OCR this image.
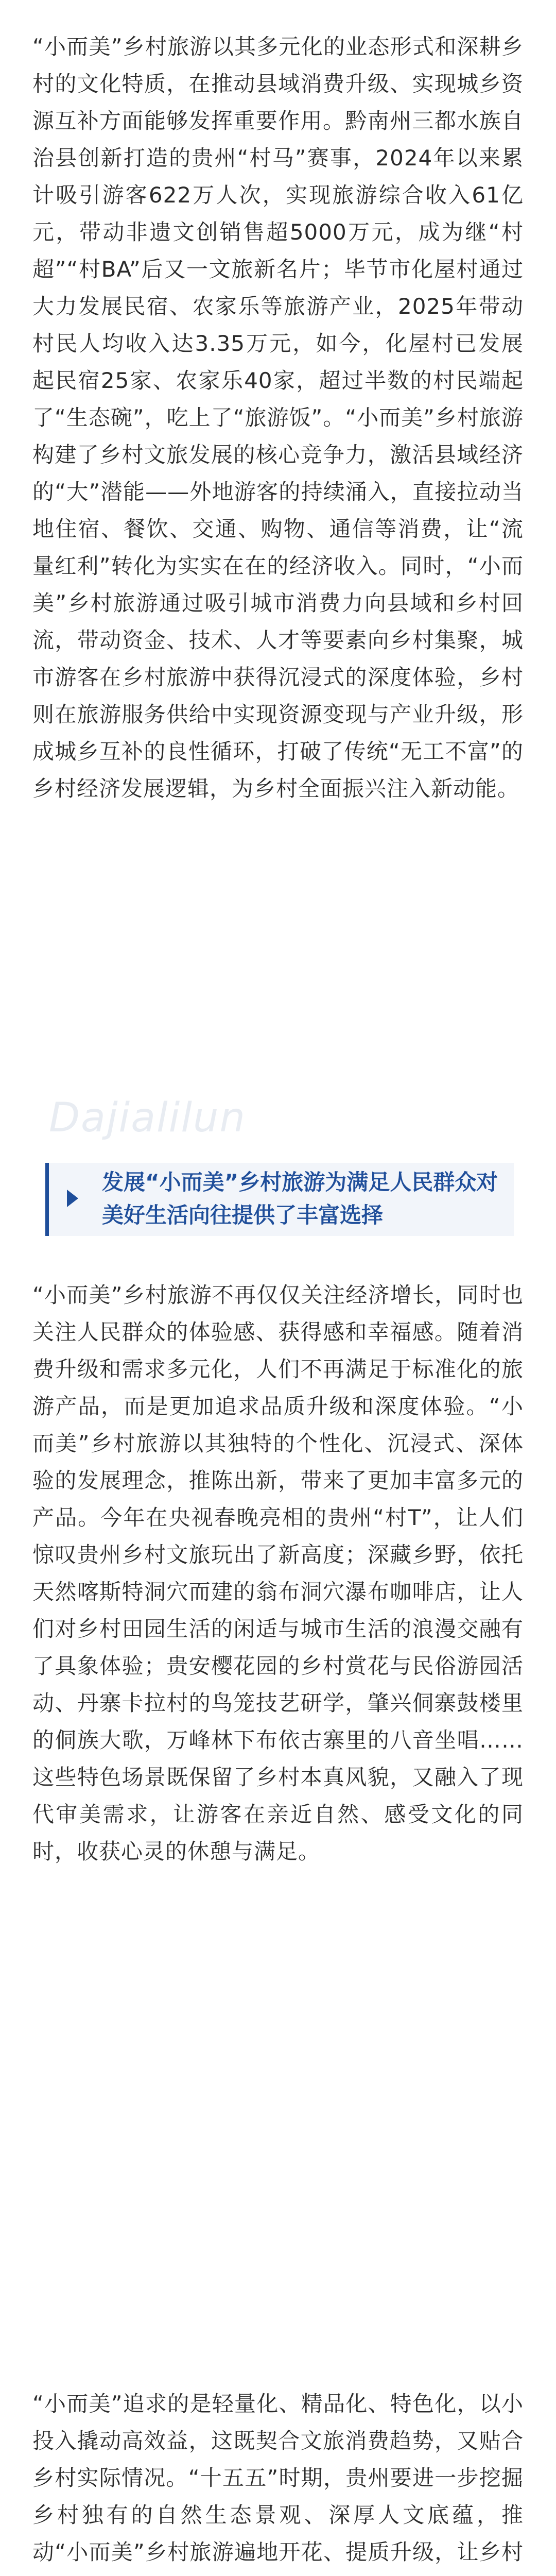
“小而美”乡村旅游以其多元化的业态形式和深耕乡村的文化特质，在推动县域消费升级、实现城乡资源互补方面能够发挥重要作用。黔南州三都水族自治县创新打造的贵州“村马”赛事，2024年以来累计吸引游客622万人次，实现旅游综合收入61亿元，带动非遗文创销售超5000万元，成为继“村超”“村BA”后又一文旅新名片；毕节市化屋村通过大力发展民宿、农家乐等旅游产业，2025年带动村民人均收入达3.35万元，如今，化屋村已发展起民宿25家、农家乐40家，超过半数的村民端起了“生态碗”，吃上了“旅游饭”。“小而美”乡村旅游构建了乡村文旅发展的核心竞争力，激活县域经济的“大”潜能——外地游客的持续涌入，直接拉动当地住宿、餐饮、交通、购物、通信等消费，让“流量红利”转化为实实在在的经济收入。同时，“小而美”乡村旅游通过吸引城市消费力向县域和乡村回流，带动资金、技术、人才等要素向乡村集聚，城市游客在乡村旅游中获得沉浸式的深度体验，乡村则在旅游服务供给中实现资源变现与产业升级，形成城乡互补的良性循环，打破了传统“无工不富”的乡村经济发展逻辑，为乡村全面振兴注入新动能。

Dajialilun
发展“小而美”乡村旅游为满足人民群众对美好生活向往提供了丰富选择

“小而美”乡村旅游不再仅仅关注经济增长，同时也关注人民群众的体验感、获得感和幸福感。随着消费升级和需求多元化，人们不再满足于标准化的旅游产品，而是更加追求品质升级和深度体验。“小而美”乡村旅游以其独特的个性化、沉浸式、深体验的发展理念，推陈出新，带来了更加丰富多元的产品。今年在央视春晚亮相的贵州“村T”，让人们惊叹贵州乡村文旅玩出了新高度；深藏乡野，依托天然喀斯特洞穴而建的翁布洞穴瀑布咖啡店，让人们对乡村田园生活的闲适与城市生活的浪漫交融有了具象体验；贵安樱花园的乡村赏花与民俗游园活动、丹寨卡拉村的鸟笼技艺研学，肇兴侗寨鼓楼里的侗族大歌，万峰林下布依古寨里的八音坐唱……这些特色场景既保留了乡村本真风貌，又融入了现代审美需求，让游客在亲近自然、感受文化的同时，收获心灵的休憩与满足。

“小而美”追求的是轻量化、精品化、特色化，以小投入撬动高效益，这既契合文旅消费趋势，又贴合乡村实际情况。“十五五”时期，贵州要进一步挖掘乡村独有的自然生态景观、深厚人文底蕴，推动“小而美”乡村旅游遍地开花、提质升级，让乡村
